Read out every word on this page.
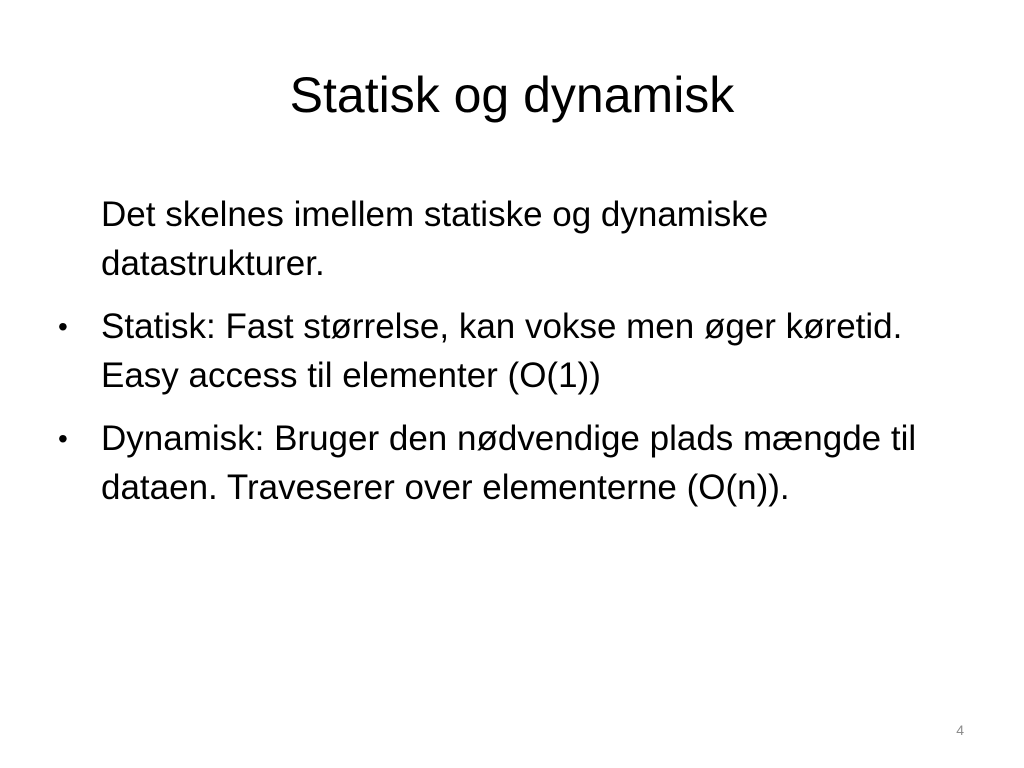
Statisk og dynamisk
Det skelnes imellem statiske og dynamiske datastrukturer.
• Statisk: Fast størrelse, kan vokse men øger køretid. Easy access til elementer (O(1))
• Dynamisk: Bruger den nødvendige plads mængde til dataen. Traveserer over elementerne (O(n)).
4
